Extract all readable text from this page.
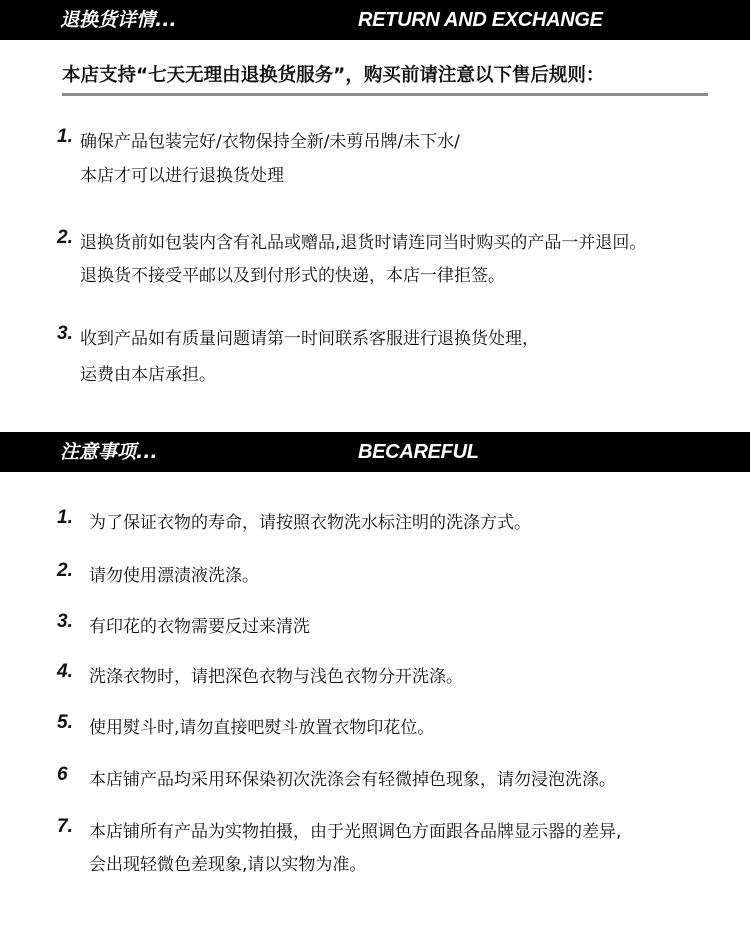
退换货详情...	RETURN AND EXCHANGE
本店支持“七天无理由退换货服务”，购买前请注意以下售后规则：
1. 确保产品包装完好/衣物保持全新/未剪吊牌/未下水/
本店才可以进行退换货处理
2. 退换货前如包装内含有礼品或赠品,退货时请连同当时购买的产品一并退回。
退换货不接受平邮以及到付形式的快递，本店一律拒签。
3. 收到产品如有质量问题请第一时间联系客服进行退换货处理，
运费由本店承担。
注意事项...	BECAREFUL
1. 为了保证衣物的寿命，请按照衣物洗水标注明的洗涤方式。
2. 请勿使用漂渍液洗涤。
3. 有印花的衣物需要反过来清洗
4. 洗涤衣物时，请把深色衣物与浅色衣物分开洗涤。
5. 使用熨斗时,请勿直接吧熨斗放置衣物印花位。
6 本店铺产品均采用环保染初次洗涤会有轻微掉色现象，请勿浸泡洗涤。
7. 本店铺所有产品为实物拍摄，由于光照调色方面跟各品牌显示器的差异,
会出现轻微色差现象,请以实物为准。
